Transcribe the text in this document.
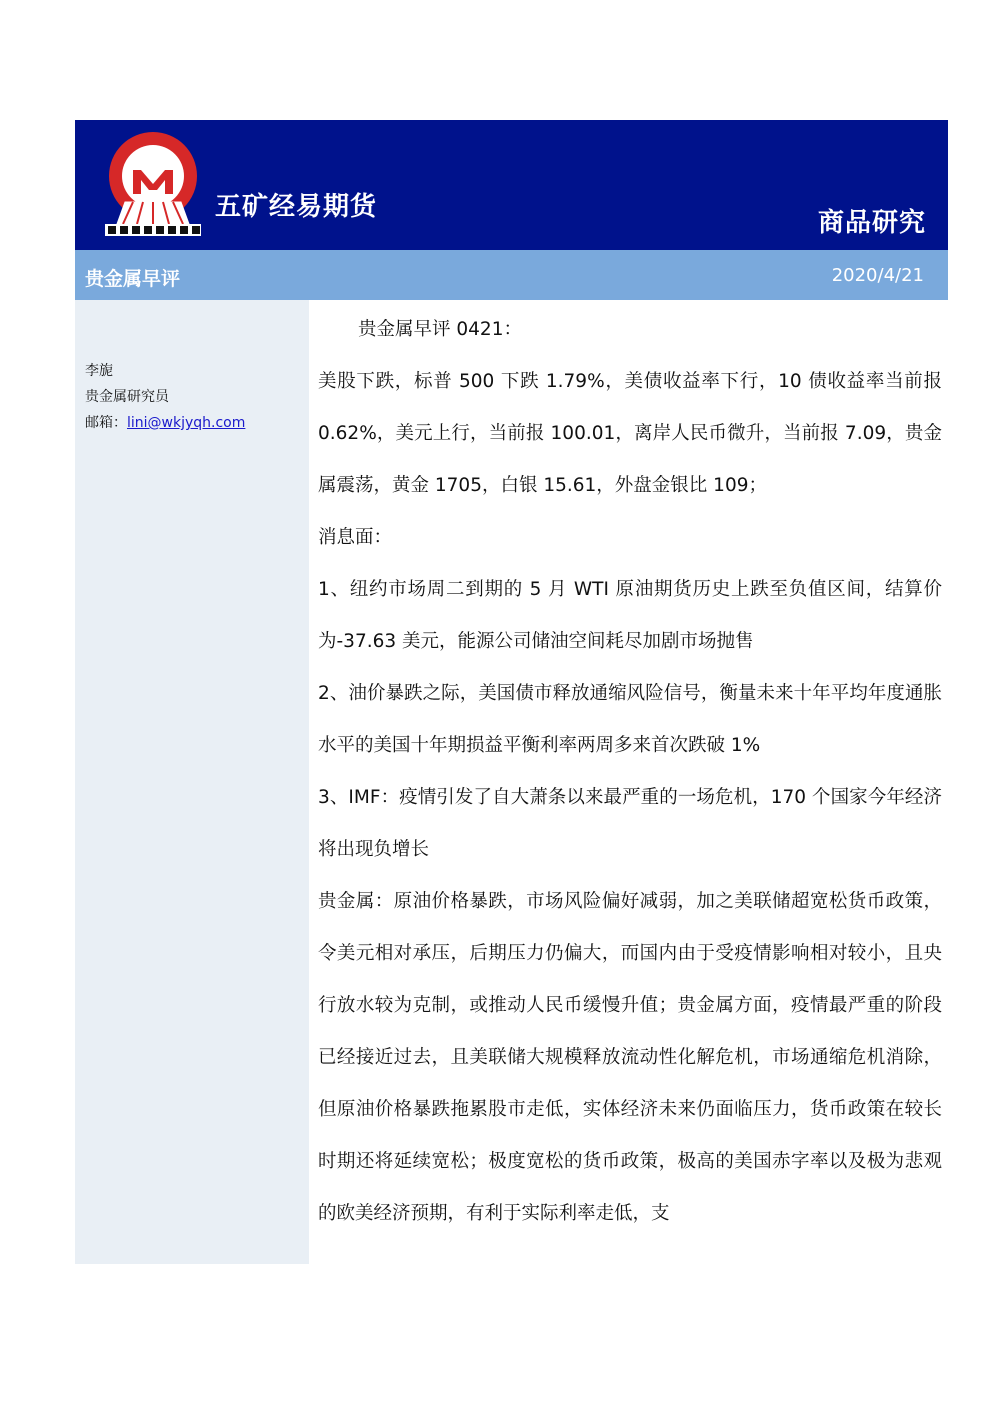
五矿经易期货
商品研究
贵金属早评	2020/4/21
李旎
贵金属研究员
邮箱：lini@wkjyqh.com

贵金属早评 0421：

美股下跌，标普 500 下跌 1.79%，美债收益率下行，10 债收益率当前报 0.62%，美元上行，当前报 100.01，离岸人民币微升，当前报 7.09，贵金属震荡，黄金 1705，白银 15.61，外盘金银比 109；

消息面：

1、纽约市场周二到期的 5 月 WTI 原油期货历史上跌至负值区间，结算价为-37.63 美元，能源公司储油空间耗尽加剧市场抛售

2、油价暴跌之际，美国债市释放通缩风险信号，衡量未来十年平均年度通胀水平的美国十年期损益平衡利率两周多来首次跌破 1%

3、IMF：疫情引发了自大萧条以来最严重的一场危机，170 个国家今年经济将出现负增长

贵金属：原油价格暴跌，市场风险偏好减弱，加之美联储超宽松货币政策，令美元相对承压，后期压力仍偏大，而国内由于受疫情影响相对较小，且央行放水较为克制，或推动人民币缓慢升值；贵金属方面，疫情最严重的阶段已经接近过去，且美联储大规模释放流动性化解危机，市场通缩危机消除，但原油价格暴跌拖累股市走低，实体经济未来仍面临压力，货币政策在较长时期还将延续宽松；极度宽松的货币政策，极高的美国赤字率以及极为悲观的欧美经济预期，有利于实际利率走低，支
